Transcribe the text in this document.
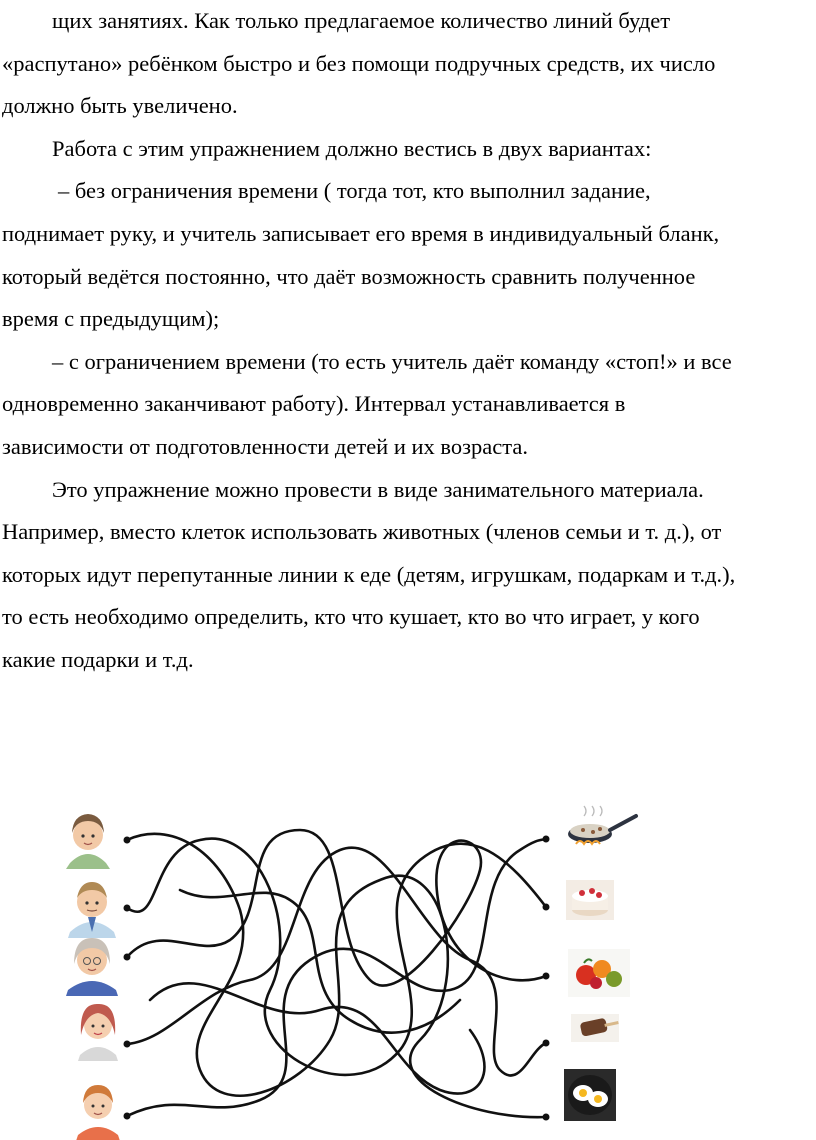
щих занятиях. Как только предлагаемое количество линий будет

«распутано» ребёнком быстро и без помощи подручных средств, их число

должно быть увеличено.

Работа с этим упражнением должно вестись в двух вариантах:

– без ограничения времени ( тогда тот, кто выполнил задание,

поднимает руку, и учитель записывает его время в индивидуальный бланк,

который ведётся постоянно, что даёт возможность сравнить полученное

время с предыдущим);

– с ограничением времени (то есть учитель даёт команду «стоп!» и все

одновременно заканчивают работу). Интервал устанавливается в

зависимости от подготовленности детей и их возраста.

Это упражнение можно провести в виде занимательного материала.

Например, вместо клеток использовать животных (членов семьи и т. д.), от

которых идут перепутанные линии к еде (детям, игрушкам, подаркам и т.д.),

то есть необходимо определить, кто что кушает, кто во что играет, у кого

какие подарки и т.д.
